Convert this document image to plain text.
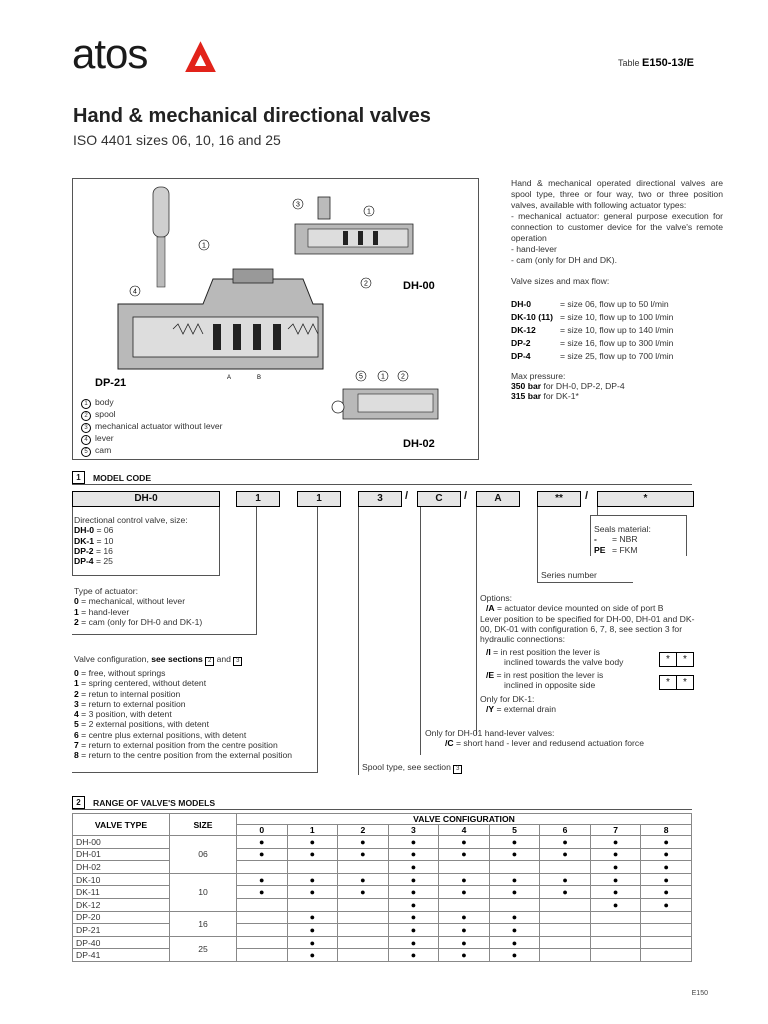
atos	Table E150-13/E
Hand & mechanical directional valves
ISO 4401 sizes 06, 10, 16 and 25
A	B
DP-21
DH-00
DH-02
1
4
3
1
2
5	1 2
1 body
2 spool
3 mechanical actuator without lever
4 lever
5 cam

Hand & mechanical operated directional valves are spool type, three or four way, two or three position valves, available with following actuator types:

- mechanical actuator: general purpose execution for connection to customer device for the valve's remote operation

- hand-lever

- cam (only for DH and DK).

Valve sizes and max flow:

DH-0	= size 06, flow up to 50 l/min
DK-10 (11) = size 10, flow up to 100 l/min
DK-12	= size 10, flow up to 140 l/min
DP-2	= size 16, flow up to 300 l/min
DP-4	= size 25, flow up to 700 l/min
Max pressure:
350 bar for DH-0, DP-2, DP-4
315 bar for DK-1*
1	MODEL CODE
DH-0	1	1	3	/	C	/	A	**	/	*
Directional control valve, size:
DH-0 = 06
DK-1 = 10
DP-2 = 16
DP-4 = 25
Type of actuator:
0 = mechanical, without lever
1 = hand-lever
2 = cam (only for DH-0 and DK-1)
Valve configuration, see sections 2 and 3
0 = free, without springs
1 = spring centered, without detent
2 = retun to internal position
3 = return to external position
4 = 3 position, with detent
5 = 2 external positions, with detent
6 = centre plus external positions, with detent
7 = return to external position from the centre position
8 = return to the centre position from the external position
Seals material:
- = NBR
PE = FKM
Series number
Options:
/A = actuator device mounted on side of port B
Lever position to be specified for DH-00, DH-01 and DK-00, DK-01 with configuration 6, 7, 8, see section 3 for hydraulic connections:
/I = in rest position the lever is
inclined towards the valve body	*	*
/E = in rest position the lever is
inclined in opposite side	*	*
Only for DK-1:
/Y = external drain
Only for DH-01 hand-lever valves:
/C = short hand - lever and redusend actuation force
Spool type, see section 3
2	RANGE OF VALVE'S MODELS
VALVE TYPE	SIZE	VALVE CONFIGURATION								
		0	1	2	3	4	5	6	7	8
DH-00	06	●	●	●	●	●	●	●	●	●
DH-01		●	●	●	●	●	●	●	●	●
DH-02					●				●	●
DK-10	10	●	●	●	●	●	●	●	●	●
DK-11		●	●	●	●	●	●	●	●	●
DK-12					●				●	●
DP-20	16		●		●	●	●			
DP-21			●		●	●	●			
DP-40	25		●		●	●	●			
DP-41			●		●	●	●			
E150
